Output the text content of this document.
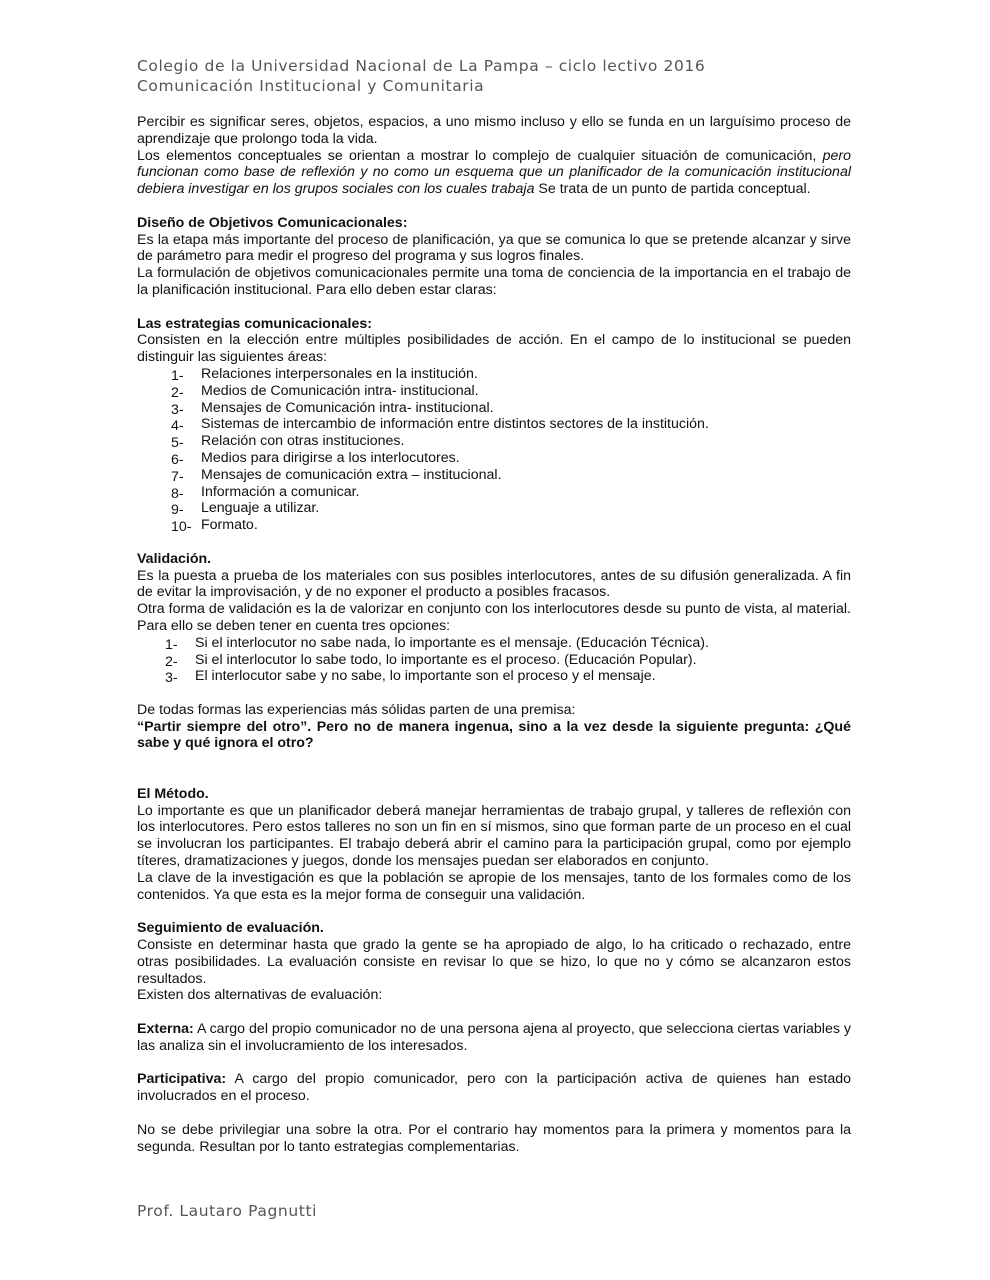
Colegio de la Universidad Nacional de La Pampa – ciclo lectivo 2016
Comunicación Institucional y Comunitaria

Percibir es significar seres, objetos, espacios, a uno mismo incluso y ello se funda en un larguísimo proceso de aprendizaje que prolongo toda la vida.

Los elementos conceptuales se orientan a mostrar lo complejo de cualquier situación de comunicación, pero funcionan como base de reflexión y no como un esquema que un planificador de la comunicación institucional debiera investigar en los grupos sociales con los cuales trabaja Se trata de un punto de partida conceptual.

Diseño de Objetivos Comunicacionales:

Es la etapa más importante del proceso de planificación, ya que se comunica lo que se pretende alcanzar y sirve de parámetro para medir el progreso del programa y sus logros finales.

La formulación de objetivos comunicacionales permite una toma de conciencia de la importancia en el trabajo de la planificación institucional. Para ello deben estar claras:

Las estrategias comunicacionales:

Consisten en la elección entre múltiples posibilidades de acción. En el campo de lo institucional se pueden distinguir las siguientes áreas:

1-	Relaciones interpersonales en la institución.
2-	Medios de Comunicación intra- institucional.
3-	Mensajes de Comunicación intra- institucional.
4-	Sistemas de intercambio de información entre distintos sectores de la institución.
5-	Relación con otras instituciones.
6-	Medios para dirigirse a los interlocutores.
7-	Mensajes de comunicación extra – institucional.
8-	Información a comunicar.
9-	Lenguaje a utilizar.
10- Formato.

Validación.

Es la puesta a prueba de los materiales con sus posibles interlocutores, antes de su difusión generalizada. A fin de evitar la improvisación, y de no exponer el producto a posibles fracasos.

Otra forma de validación es la de valorizar en conjunto con los interlocutores desde su punto de vista, al material. Para ello se deben tener en cuenta tres opciones:

1-	Si el interlocutor no sabe nada, lo importante es el mensaje. (Educación Técnica).
2-	Si el interlocutor lo sabe todo, lo importante es el proceso. (Educación Popular).
3-	El interlocutor sabe y no sabe, lo importante son el proceso y el mensaje.

De todas formas las experiencias más sólidas parten de una premisa:

“Partir siempre del otro”. Pero no de manera ingenua, sino a la vez desde la siguiente pregunta: ¿Qué sabe y qué ignora el otro?

El Método.

Lo importante es que un planificador deberá manejar herramientas de trabajo grupal, y talleres de reflexión con los interlocutores. Pero estos talleres no son un fin en sí mismos, sino que forman parte de un proceso en el cual se involucran los participantes. El trabajo deberá abrir el camino para la participación grupal, como por ejemplo títeres, dramatizaciones y juegos, donde los mensajes puedan ser elaborados en conjunto.

La clave de la investigación es que la población se apropie de los mensajes, tanto de los formales como de los contenidos. Ya que esta es la mejor forma de conseguir una validación.

Seguimiento de evaluación.

Consiste en determinar hasta que grado la gente se ha apropiado de algo, lo ha criticado o rechazado, entre otras posibilidades. La evaluación consiste en revisar lo que se hizo, lo que no y cómo se alcanzaron estos resultados.

Existen dos alternativas de evaluación:

Externa: A cargo del propio comunicador no de una persona ajena al proyecto, que selecciona ciertas variables y las analiza sin el involucramiento de los interesados.

Participativa: A cargo del propio comunicador, pero con la participación activa de quienes han estado involucrados en el proceso.

No se debe privilegiar una sobre la otra. Por el contrario hay momentos para la primera y momentos para la segunda. Resultan por lo tanto estrategias complementarias.

Prof. Lautaro Pagnutti
